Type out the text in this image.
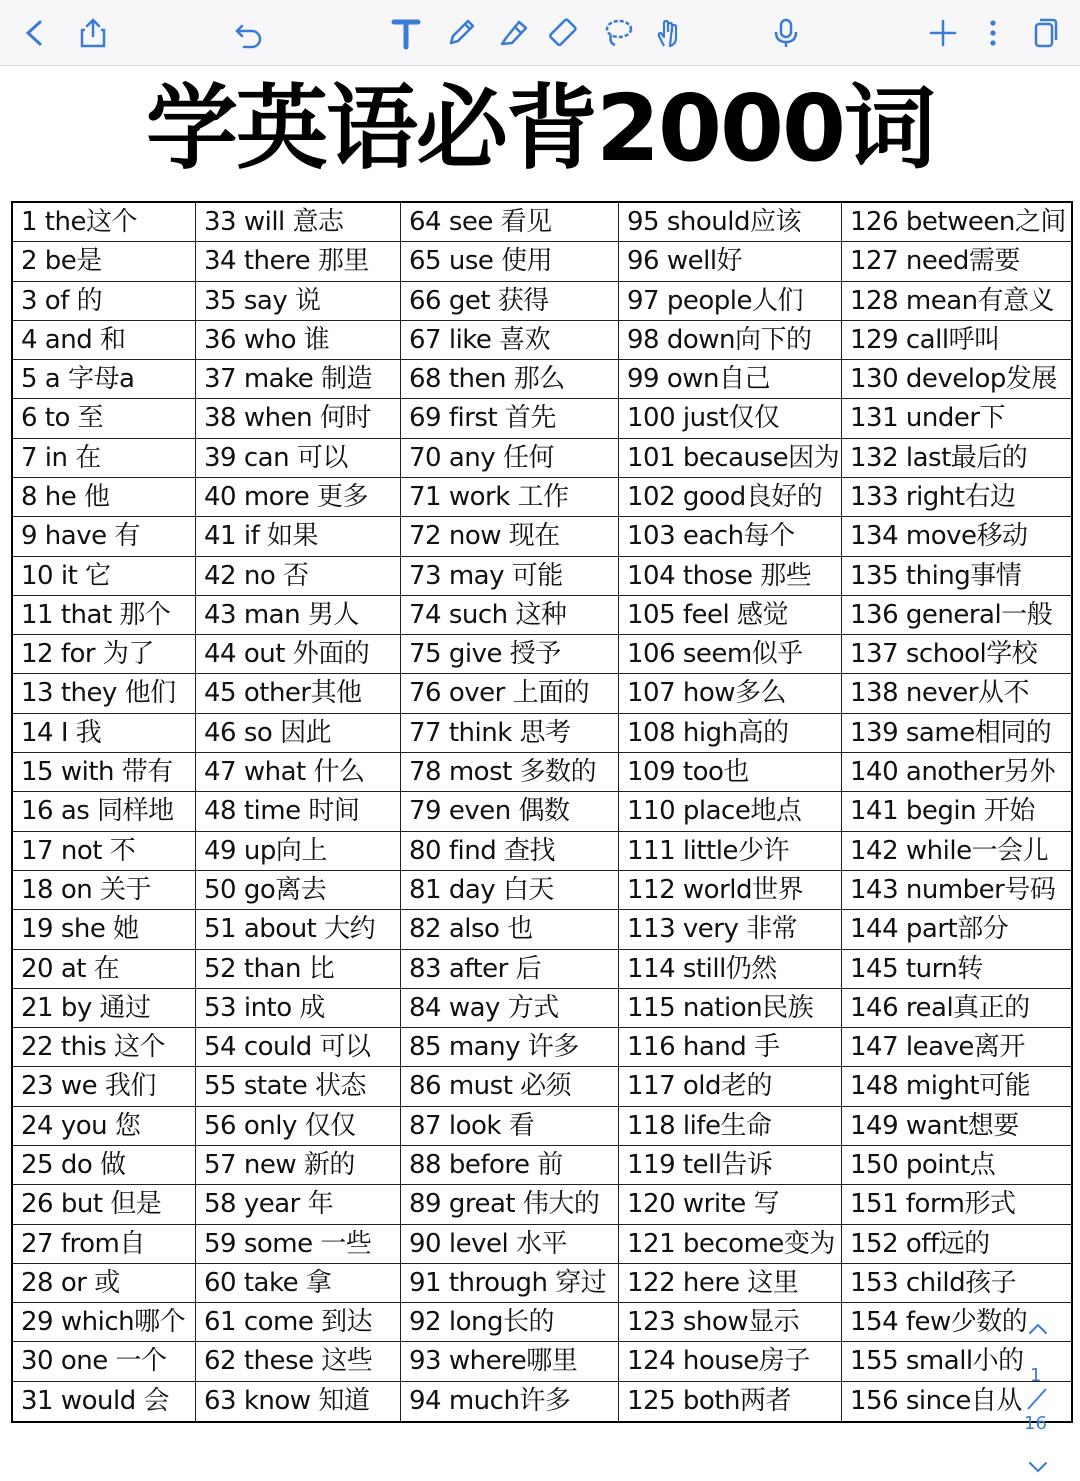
学英语必背2000词
1 the这个	33 will 意志	64 see 看见	95 should应该	126 between之间
2 be是	34 there 那里	65 use 使用	96 well好	127 need需要
3 of 的	35 say 说	66 get 获得	97 people人们	128 mean有意义
4 and 和	36 who 谁	67 like 喜欢	98 down向下的	129 call呼叫
5 a 字母a	37 make 制造	68 then 那么	99 own自己	130 develop发展
6 to 至	38 when 何时	69 first 首先	100 just仅仅	131 under下
7 in 在	39 can 可以	70 any 任何	101 because因为 132 last最后的
8 he 他	40 more 更多	71 work 工作	102 good良好的	133 right右边
9 have 有	41 if 如果	72 now 现在	103 each每个	134 move移动
10 it 它	42 no 否	73 may 可能	104 those 那些	135 thing事情
11 that 那个	43 man 男人	74 such 这种	105 feel 感觉	136 general一般
12 for 为了	44 out 外面的	75 give 授予	106 seem似乎	137 school学校
13 they 他们	45 other其他	76 over 上面的	107 how多么	138 never从不
14 I 我	46 so 因此	77 think 思考	108 high高的	139 same相同的
15 with 带有	47 what 什么	78 most 多数的	109 too也	140 another另外
16 as 同样地	48 time 时间	79 even 偶数	110 place地点	141 begin 开始
17 not 不	49 up向上	80 find 查找	111 little少许	142 while一会儿
18 on 关于	50 go离去	81 day 白天	112 world世界	143 number号码
19 she 她	51 about 大约	82 also 也	113 very 非常	144 part部分
20 at 在	52 than 比	83 after 后	114 still仍然	145 turn转
21 by 通过	53 into 成	84 way 方式	115 nation民族	146 real真正的
22 this 这个	54 could 可以	85 many 许多	116 hand 手	147 leave离开
23 we 我们	55 state 状态	86 must 必须	117 old老的	148 might可能
24 you 您	56 only 仅仅	87 look 看	118 life生命	149 want想要
25 do 做	57 new 新的	88 before 前	119 tell告诉	150 point点
26 but 但是	58 year 年	89 great 伟大的	120 write 写	151 form形式
27 from自	59 some 一些	90 level 水平	121 become变为 152 off远的
28 or 或	60 take 拿	91 through 穿过 122 here 这里	153 child孩子
29 which哪个 61 come 到达	92 long长的	123 show显示	154 few少数的
30 one 一个	62 these 这些	93 where哪里	124 house房子	155 small小的
31 would 会	63 know 知道	94 much许多	125 both两者	156 since自从
1
16
